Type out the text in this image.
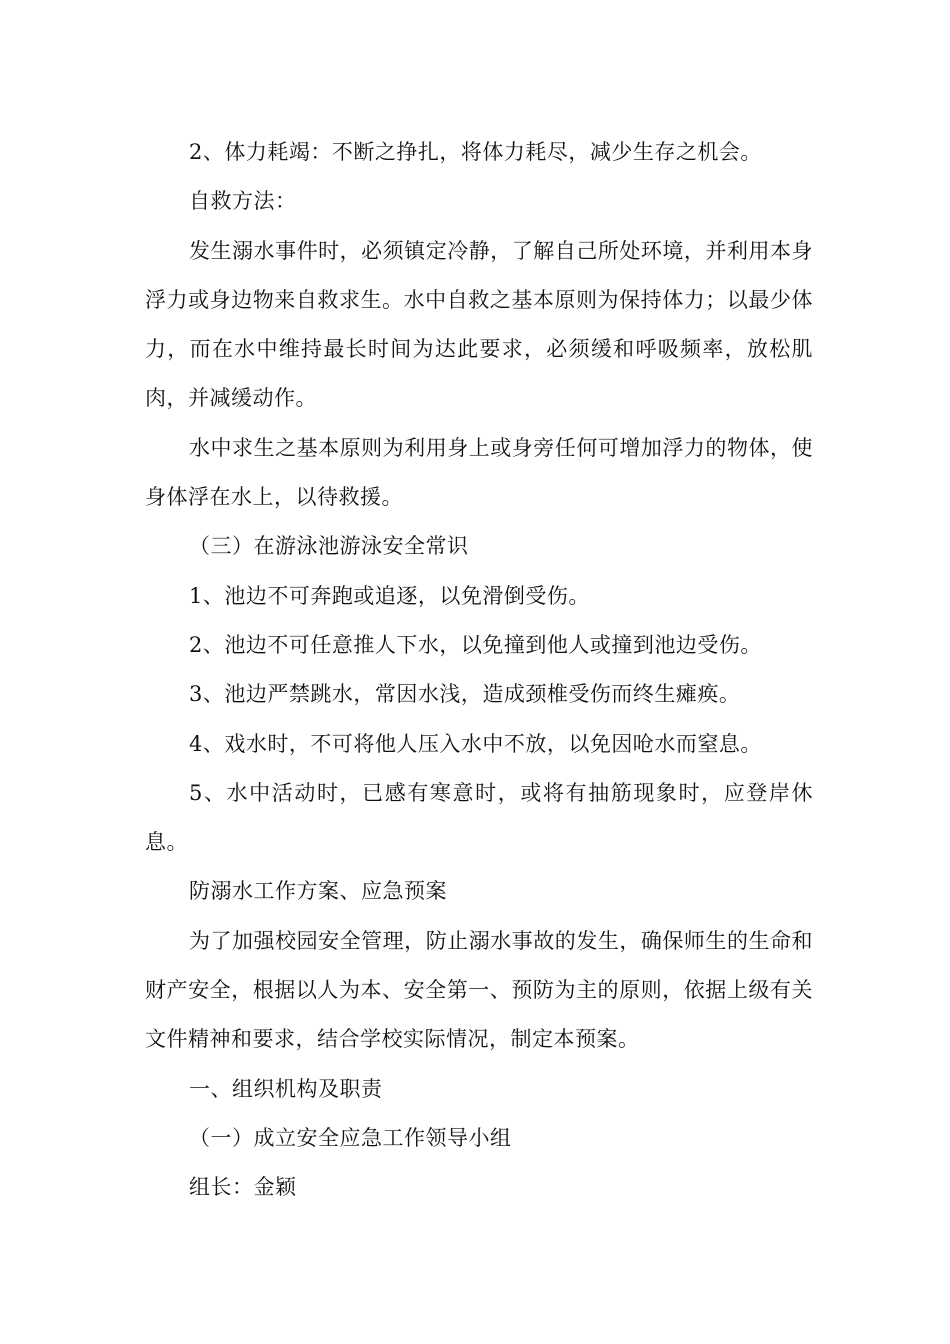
2、体力耗竭：不断之挣扎，将体力耗尽，减少生存之机会。

自救方法：

发生溺水事件时，必须镇定冷静，了解自己所处环境，并利用本身浮力或身边物来自救求生。水中自救之基本原则为保持体力；以最少体力，而在水中维持最长时间为达此要求，必须缓和呼吸频率，放松肌肉，并减缓动作。

水中求生之基本原则为利用身上或身旁任何可增加浮力的物体，使身体浮在水上，以待救援。

（三）在游泳池游泳安全常识

1、池边不可奔跑或追逐，以免滑倒受伤。

2、池边不可任意推人下水，以免撞到他人或撞到池边受伤。

3、池边严禁跳水，常因水浅，造成颈椎受伤而终生瘫痪。

4、戏水时，不可将他人压入水中不放，以免因呛水而窒息。

5、水中活动时，已感有寒意时，或将有抽筋现象时，应登岸休息。

防溺水工作方案、应急预案

为了加强校园安全管理，防止溺水事故的发生，确保师生的生命和财产安全，根据以人为本、安全第一、预防为主的原则，依据上级有关文件精神和要求，结合学校实际情况，制定本预案。

一、组织机构及职责

（一）成立安全应急工作领导小组

组长：金颖
